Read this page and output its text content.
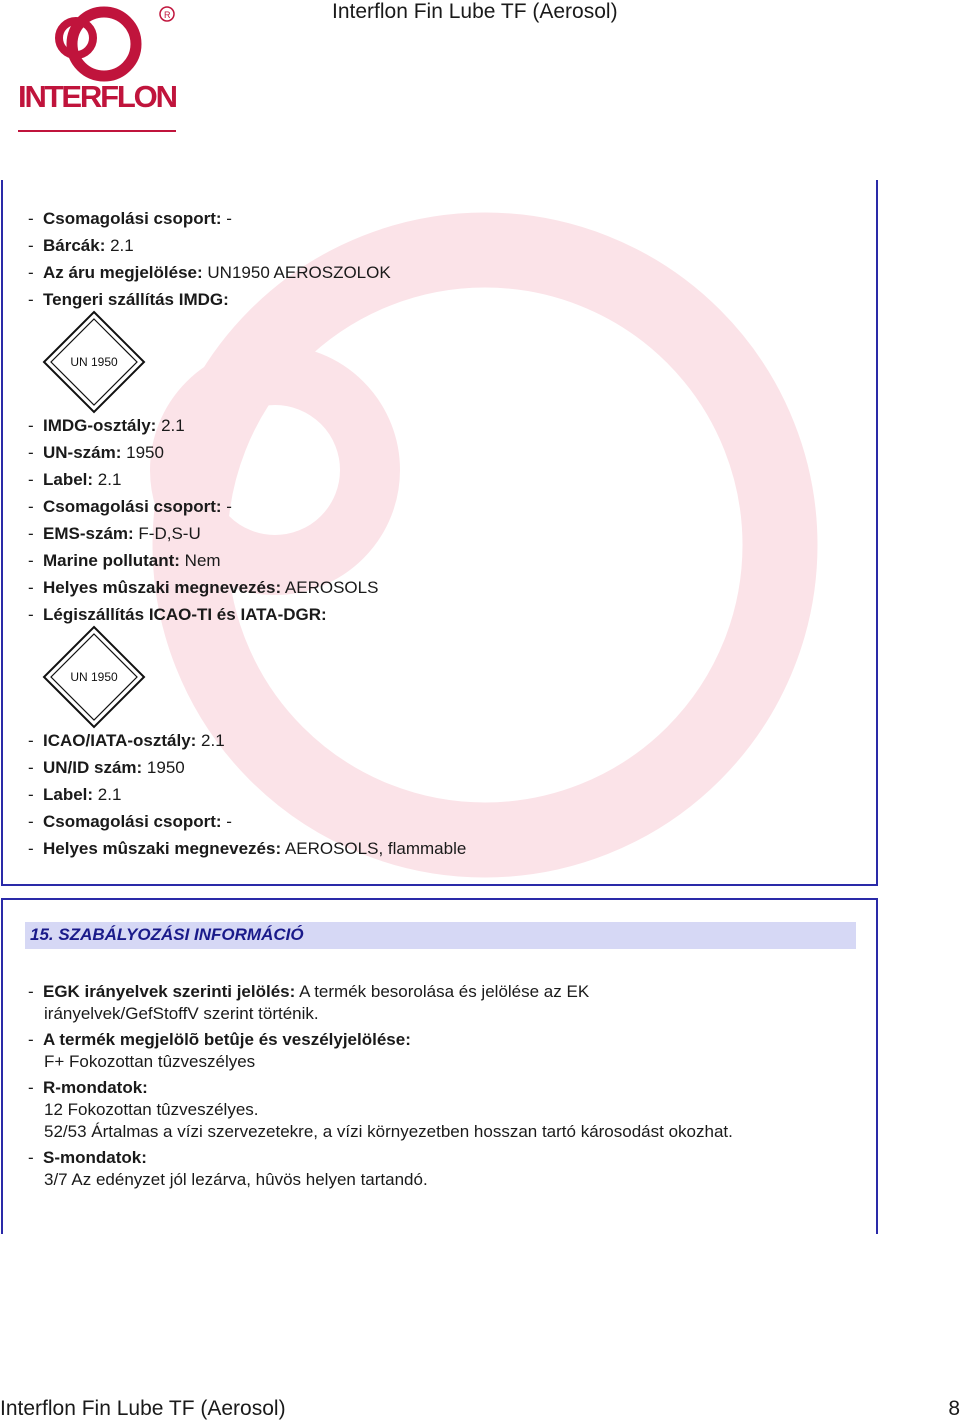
Interflon Fin Lube TF (Aerosol)
R
INTERFLON
- Csomagolási csoport: -
- Bárcák: 2.1
- Az áru megjelölése: UN1950 AEROSZOLOK
- Tengeri szállítás IMDG:
UN 1950
- IMDG-osztály: 2.1
- UN-szám: 1950
- Label: 2.1
- Csomagolási csoport: -
- EMS-szám: F-D,S-U
- Marine pollutant: Nem
- Helyes mûszaki megnevezés: AEROSOLS
- Légiszállítás ICAO-TI és IATA-DGR:
UN 1950
- ICAO/IATA-osztály: 2.1
- UN/ID szám: 1950
- Label: 2.1
- Csomagolási csoport: -
- Helyes mûszaki megnevezés: AEROSOLS, flammable
15. SZABÁLYOZÁSI INFORMÁCIÓ
- EGK irányelvek szerinti jelölés: A termék besorolása és jelölése az EK
irányelvek/GefStoffV szerint történik.
- A termék megjelölõ betûje és veszélyjelölése:
F+ Fokozottan tûzveszélyes
- R-mondatok:
12 Fokozottan tûzveszélyes.
52/53 Ártalmas a vízi szervezetekre, a vízi környezetben hosszan tartó károsodást okozhat.
- S-mondatok:
3/7 Az edényzet jól lezárva, hûvös helyen tartandó.
Interflon Fin Lube TF (Aerosol)	8
